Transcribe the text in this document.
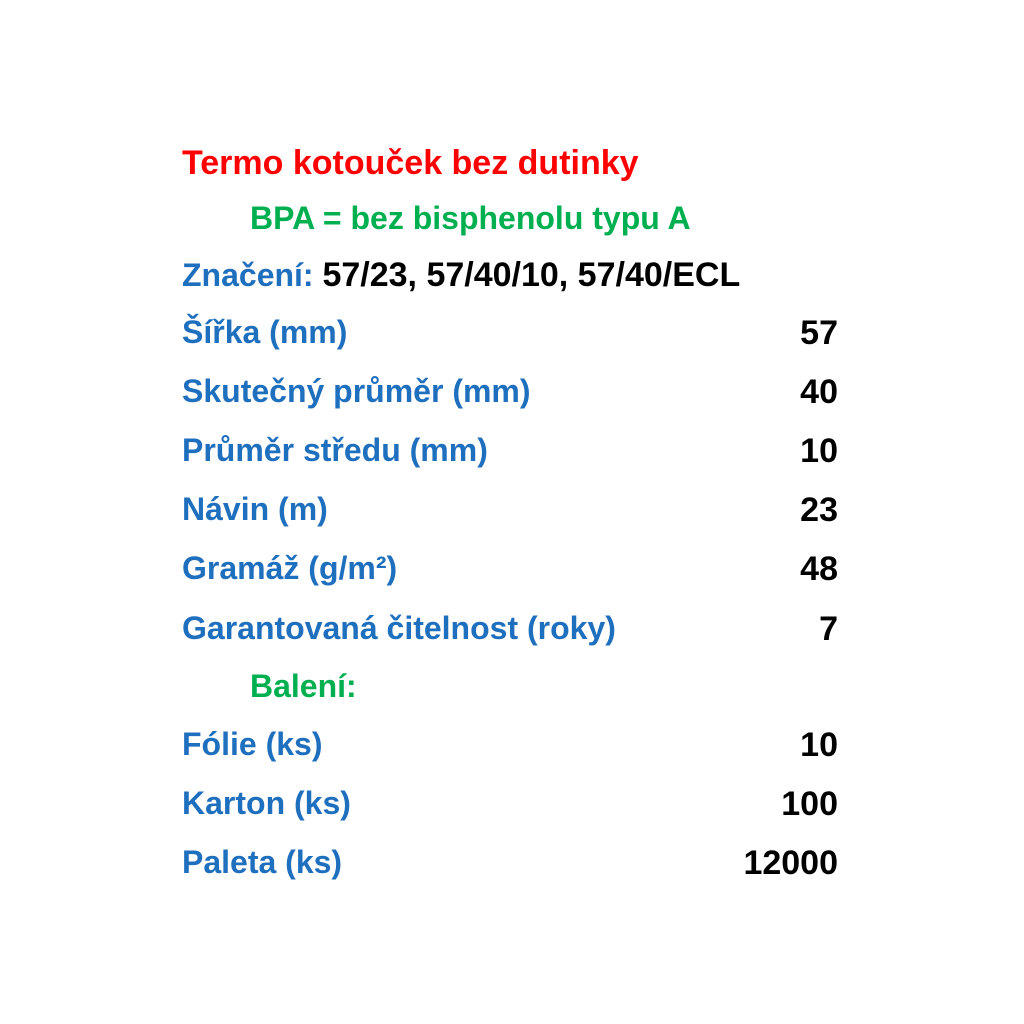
Termo kotouček bez dutinky
BPA = bez bisphenolu typu A
Značení: 57/23, 57/40/10, 57/40/ECL
Šířka (mm)	57
Skutečný průměr (mm)	40
Průměr středu (mm)	10
Návin (m)	23
Gramáž (g/m²)	48
Garantovaná čitelnost (roky)	7
Balení:
Fólie (ks)	10
Karton (ks)	100
Paleta (ks)	12000
